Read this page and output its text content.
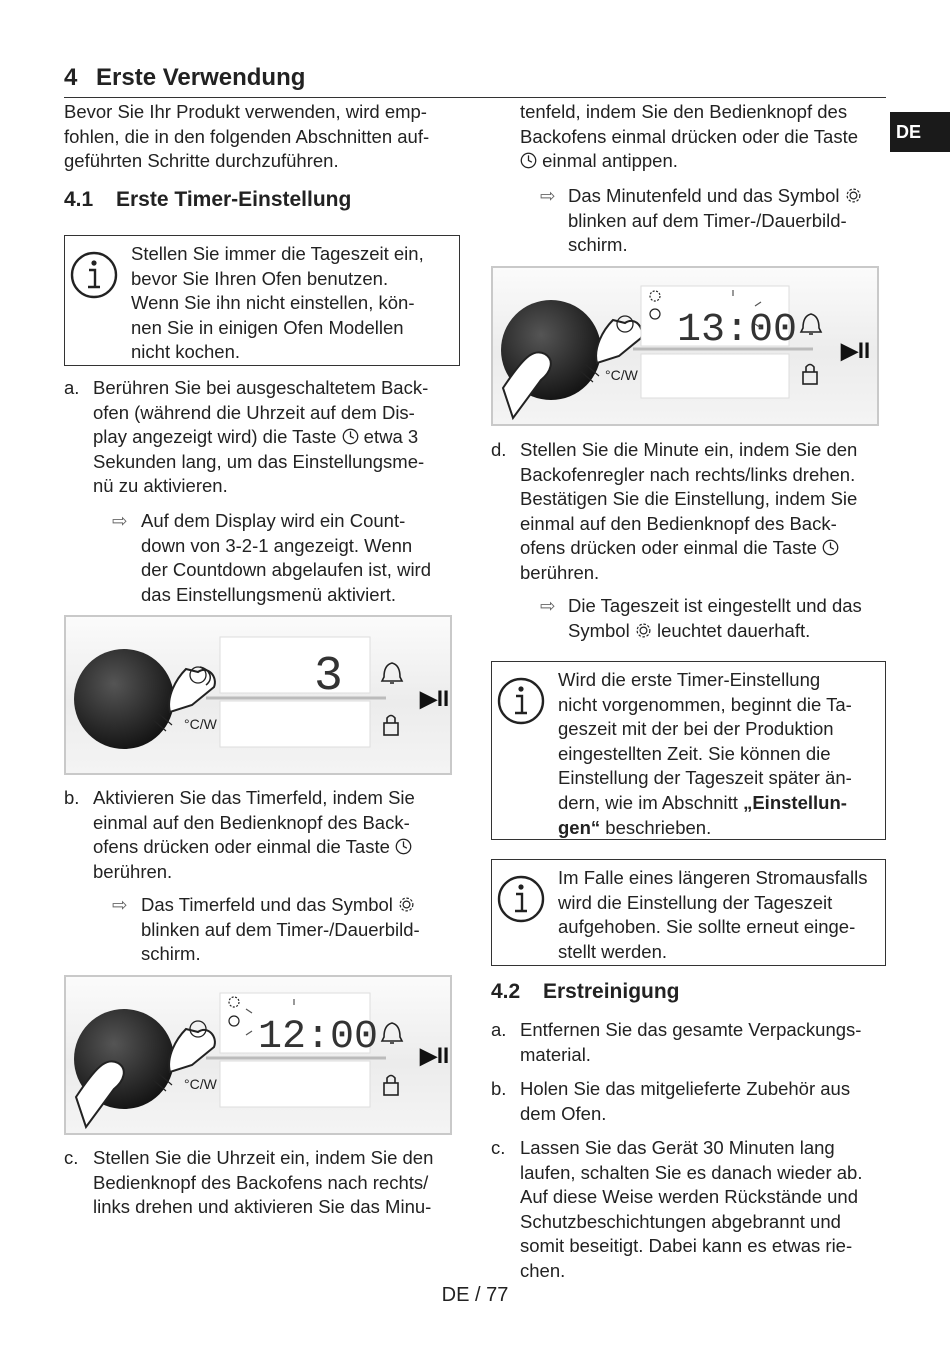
4 Erste Verwendung
DE
Bevor Sie Ihr Produkt verwenden, wird emp-
fohlen, die in den folgenden Abschnitten auf-
geführten Schritte durchzuführen.
4.1 Erste Timer-Einstellung
Stellen Sie immer die Tageszeit ein,
bevor Sie Ihren Ofen benutzen.
Wenn Sie ihn nicht einstellen, kön-
nen Sie in einigen Ofen Modellen
nicht kochen.
a. Berühren Sie bei ausgeschaltetem Back-
ofen (während die Uhrzeit auf dem Dis-
play angezeigt wird) die Taste etwa 3
Sekunden lang, um das Einstellungsme-
nü zu aktivieren.
⇨ Auf dem Display wird ein Count-
down von 3-2-1 angezeigt. Wenn
der Countdown abgelaufen ist, wird
das Einstellungsmenü aktiviert.
3
°C/W
▶II
b. Aktivieren Sie das Timerfeld, indem Sie
einmal auf den Bedienknopf des Back-
ofens drücken oder einmal die Taste
berühren.
⇨ Das Timerfeld und das Symbol
blinken auf dem Timer-/Dauerbild-
schirm.
12:00
°C/W
▶II
c. Stellen Sie die Uhrzeit ein, indem Sie den
Bedienknopf des Backofens nach rechts/
links drehen und aktivieren Sie das Minu-
tenfeld, indem Sie den Bedienknopf des
Backofens einmal drücken oder die Taste
einmal antippen.
⇨ Das Minutenfeld und das Symbol
blinken auf dem Timer-/Dauerbild-
schirm.
13:00
°C/W
▶II
d. Stellen Sie die Minute ein, indem Sie den
Backofenregler nach rechts/links drehen.
Bestätigen Sie die Einstellung, indem Sie
einmal auf den Bedienknopf des Back-
ofens drücken oder einmal die Taste
berühren.
⇨ Die Tageszeit ist eingestellt und das
Symbol leuchtet dauerhaft.
Wird die erste Timer-Einstellung
nicht vorgenommen, beginnt die Ta-
geszeit mit der bei der Produktion
eingestellten Zeit. Sie können die
Einstellung der Tageszeit später än-
dern, wie im Abschnitt „Einstellun-
gen“ beschrieben.
Im Falle eines längeren Stromausfalls
wird die Einstellung der Tageszeit
aufgehoben. Sie sollte erneut einge-
stellt werden.
4.2 Erstreinigung
a. Entfernen Sie das gesamte Verpackungs-
material.
b. Holen Sie das mitgelieferte Zubehör aus
dem Ofen.
c. Lassen Sie das Gerät 30 Minuten lang
laufen, schalten Sie es danach wieder ab.
Auf diese Weise werden Rückstände und
Schutzbeschichtungen abgebrannt und
somit beseitigt. Dabei kann es etwas rie-
chen.
DE / 77
